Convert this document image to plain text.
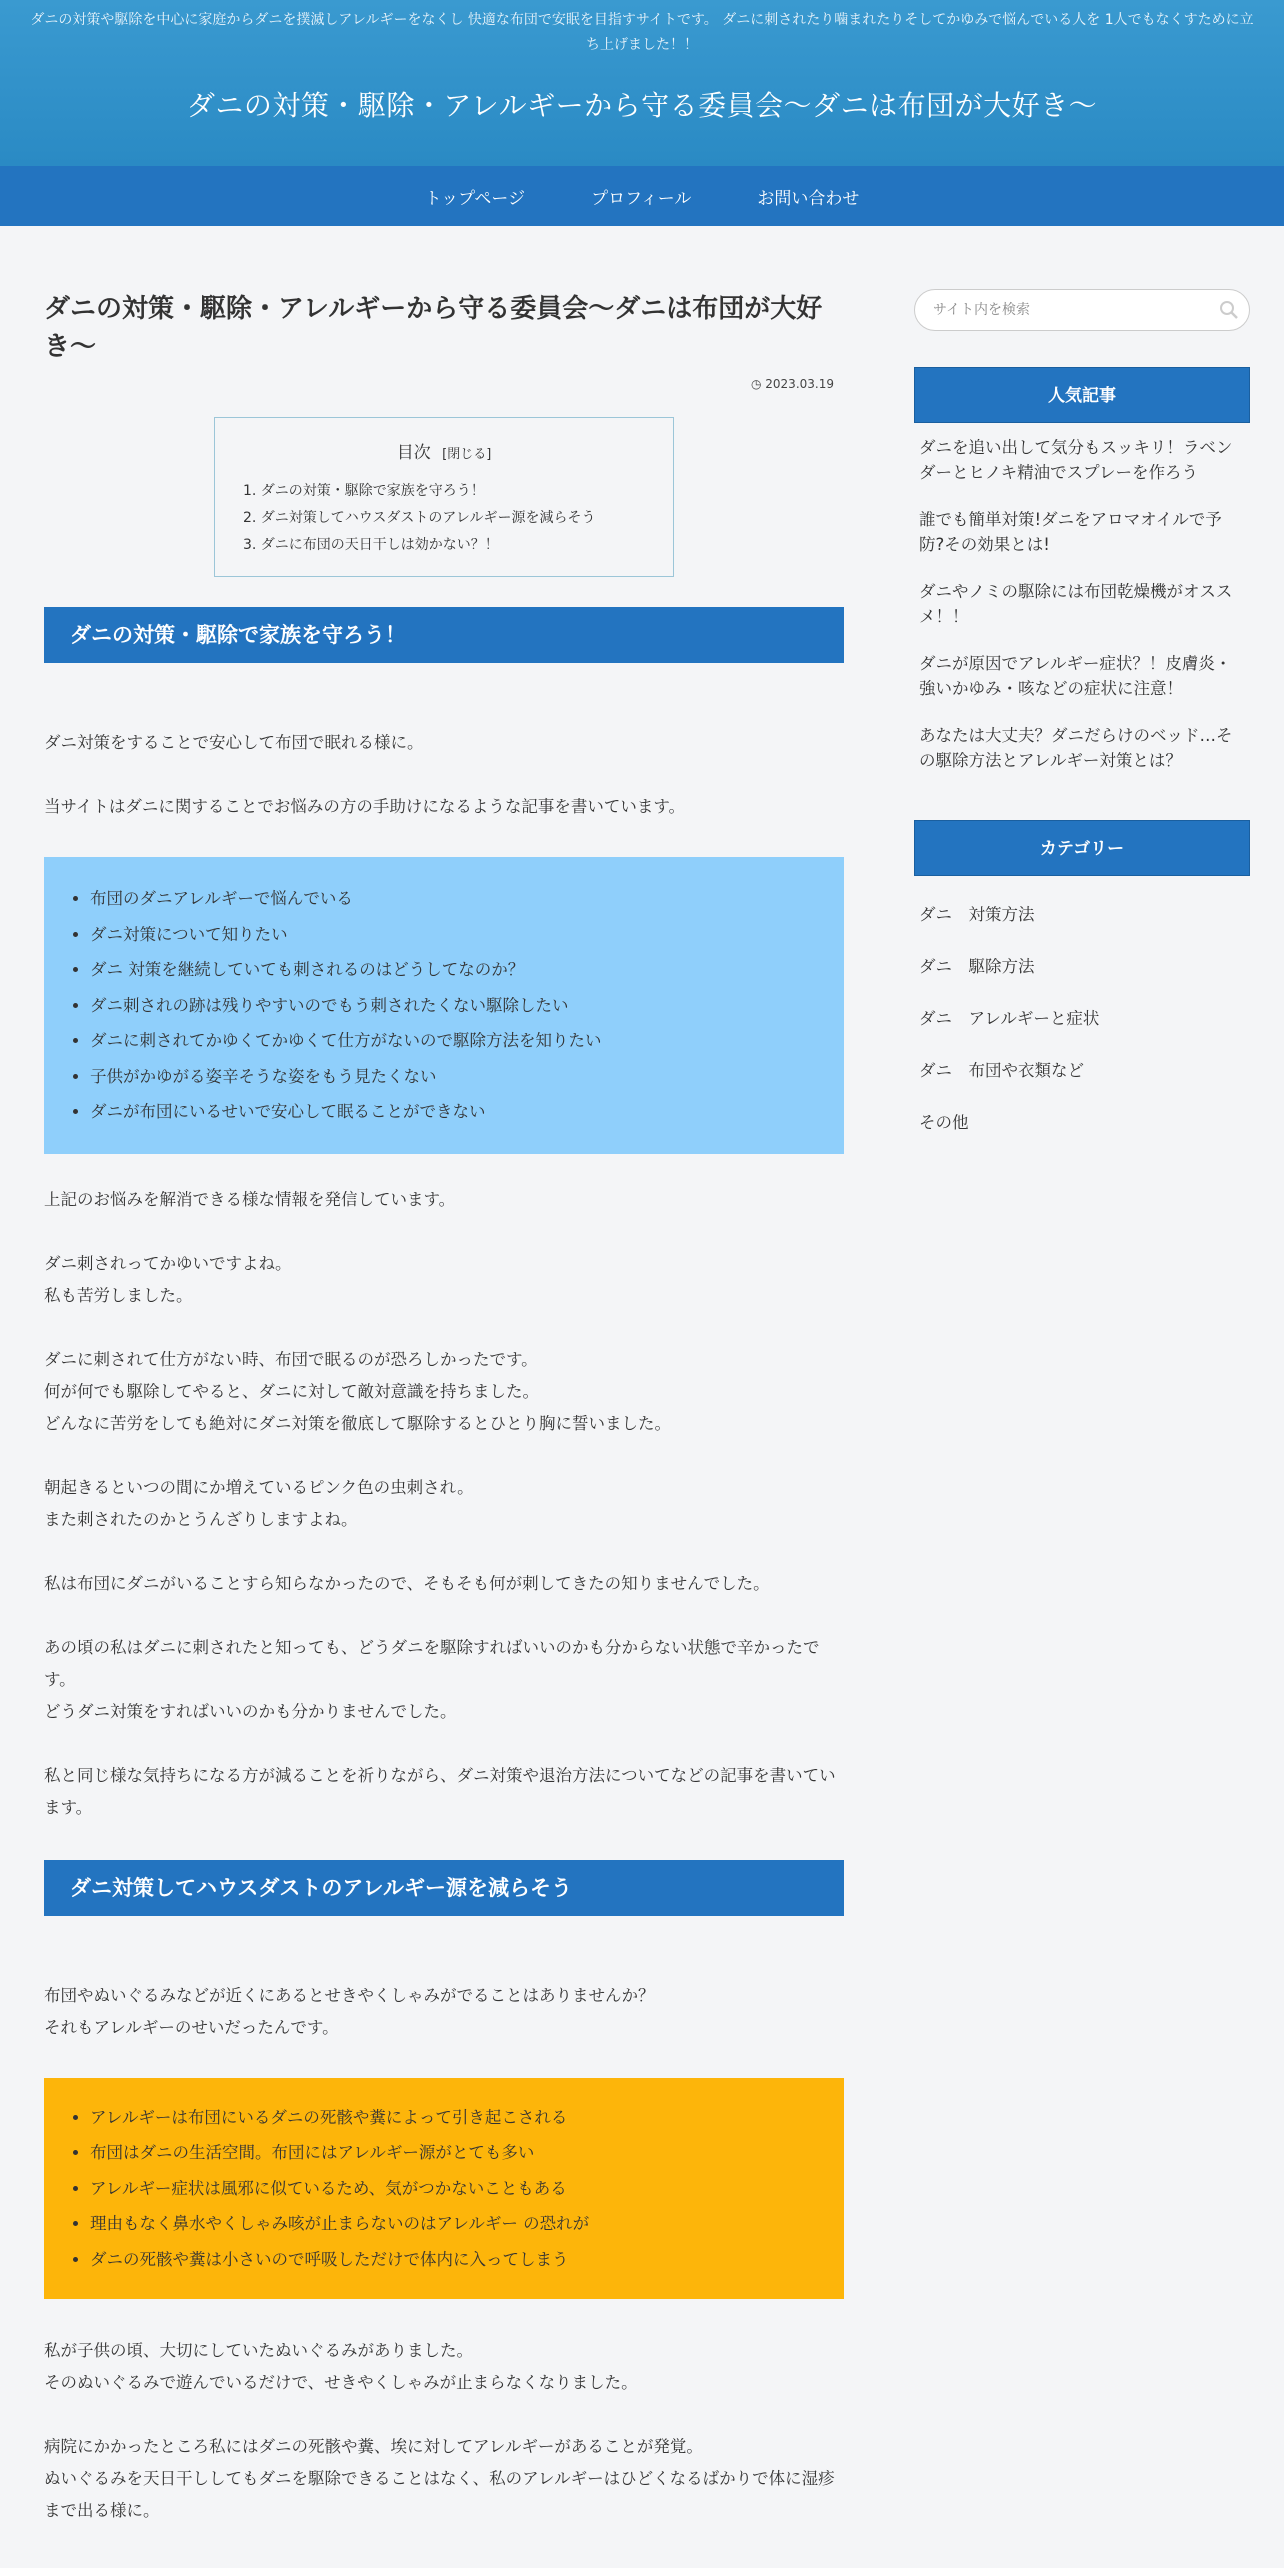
ダニの対策や駆除を中心に家庭からダニを撲滅しアレルギーをなくし 快適な布団で安眠を目指すサイトです。 ダニに刺されたり噛まれたりそしてかゆみで悩んでいる人を 1人でもなくすために立ち上げました！！
ダニの対策・駆除・アレルギーから守る委員会～ダニは布団が大好き～
トップページ	プロフィール	お問い合わせ
ダニの対策・駆除・アレルギーから守る委員会～ダニは布団が大好き～
◷ 2023.03.19
目次 [閉じる]
1. ダニの対策・駆除で家族を守ろう！
2. ダニ対策してハウスダストのアレルギー源を減らそう
3. ダニに布団の天日干しは効かない？！
ダニの対策・駆除で家族を守ろう！

ダニ対策をすることで安心して布団で眠れる様に。

当サイトはダニに関することでお悩みの方の手助けになるような記事を書いています。

• 布団のダニアレルギーで悩んでいる
• ダニ対策について知りたい
• ダニ 対策を継続していても刺されるのはどうしてなのか？
• ダニ刺されの跡は残りやすいのでもう刺されたくない駆除したい
• ダニに刺されてかゆくてかゆくて仕方がないので駆除方法を知りたい
• 子供がかゆがる姿辛そうな姿をもう見たくない
• ダニが布団にいるせいで安心して眠ることができない

上記のお悩みを解消できる様な情報を発信しています。

ダニ刺されってかゆいですよね。

私も苦労しました。

ダニに刺されて仕方がない時、布団で眠るのが恐ろしかったです。

何が何でも駆除してやると、ダニに対して敵対意識を持ちました。

どんなに苦労をしても絶対にダニ対策を徹底して駆除するとひとり胸に誓いました。

朝起きるといつの間にか増えているピンク色の虫刺され。

また刺されたのかとうんざりしますよね。

私は布団にダニがいることすら知らなかったので、そもそも何が刺してきたの知りませんでした。

あの頃の私はダニに刺されたと知っても、どうダニを駆除すればいいのかも分からない状態で辛かったです。

どうダニ対策をすればいいのかも分かりませんでした。

私と同じ様な気持ちになる方が減ることを祈りながら、ダニ対策や退治方法についてなどの記事を書いています。

ダニ対策してハウスダストのアレルギー源を減らそう

布団やぬいぐるみなどが近くにあるとせきやくしゃみがでることはありませんか？

それもアレルギーのせいだったんです。

• アレルギーは布団にいるダニの死骸や糞によって引き起こされる
• 布団はダニの生活空間。布団にはアレルギー源がとても多い
• アレルギー症状は風邪に似ているため、気がつかないこともある
• 理由もなく鼻水やくしゃみ咳が止まらないのはアレルギー の恐れが
• ダニの死骸や糞は小さいので呼吸しただけで体内に入ってしまう

私が子供の頃、大切にしていたぬいぐるみがありました。

そのぬいぐるみで遊んでいるだけで、せきやくしゃみが止まらなくなりました。

病院にかかったところ私にはダニの死骸や糞、埃に対してアレルギーがあることが発覚。

ぬいぐるみを天日干ししてもダニを駆除できることはなく、私のアレルギーはひどくなるばかりで体に湿疹まで出る様に。

サイト内を検索
人気記事
ダニを追い出して気分もスッキリ！ラベンダーとヒノキ精油でスプレーを作ろう
誰でも簡単対策!ダニをアロマオイルで予防?その効果とは!
ダニやノミの駆除には布団乾燥機がオススメ！！
ダニが原因でアレルギー症状？！皮膚炎・強いかゆみ・咳などの症状に注意！
あなたは大丈夫？ダニだらけのベッド…その駆除方法とアレルギー対策とは？
カテゴリー
ダニ　対策方法
ダニ　駆除方法
ダニ　アレルギーと症状
ダニ　布団や衣類など
その他
